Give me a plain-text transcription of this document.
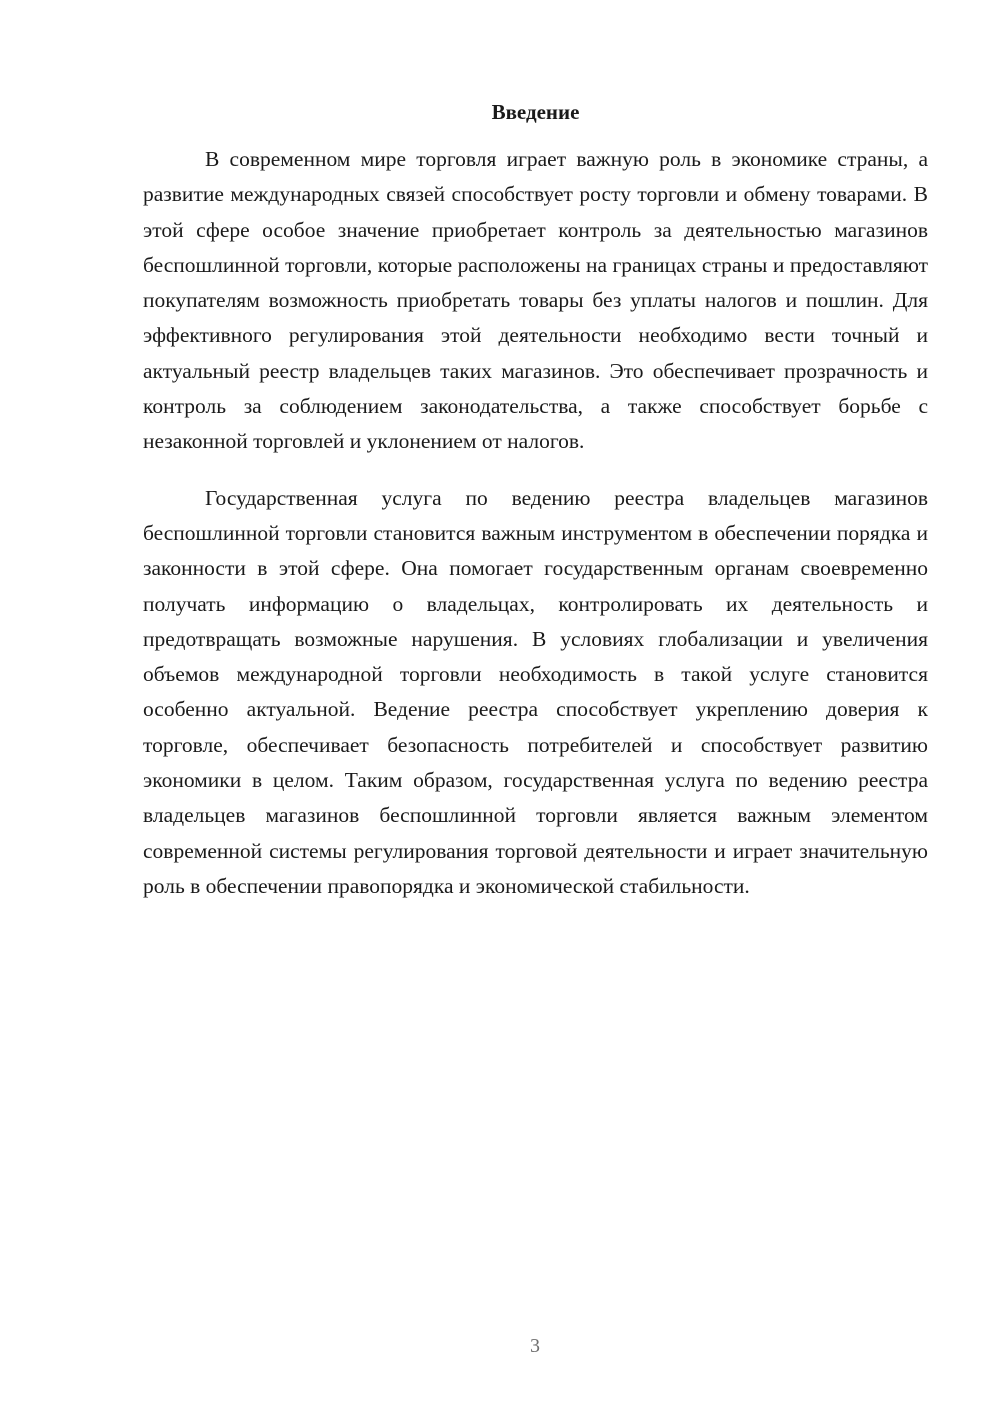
Введение

В современном мире торговля играет важную роль в экономике страны, а развитие международных связей способствует росту торговли и обмену товарами. В этой сфере особое значение приобретает контроль за деятельностью магазинов беспошлинной торговли, которые расположены на границах страны и предоставляют покупателям возможность приобретать товары без уплаты налогов и пошлин. Для эффективного регулирования этой деятельности необходимо вести точный и актуальный реестр владельцев таких магазинов. Это обеспечивает прозрачность и контроль за соблюдением законодательства, а также способствует борьбе с незаконной торговлей и уклонением от налогов.

Государственная услуга по ведению реестра владельцев магазинов беспошлинной торговли становится важным инструментом в обеспечении порядка и законности в этой сфере. Она помогает государственным органам своевременно получать информацию о владельцах, контролировать их деятельность и предотвращать возможные нарушения. В условиях глобализации и увеличения объемов международной торговли необходимость в такой услуге становится особенно актуальной. Ведение реестра способствует укреплению доверия к торговле, обеспечивает безопасность потребителей и способствует развитию экономики в целом. Таким образом, государственная услуга по ведению реестра владельцев магазинов беспошлинной торговли является важным элементом современной системы регулирования торговой деятельности и играет значительную роль в обеспечении правопорядка и экономической стабильности.

3
